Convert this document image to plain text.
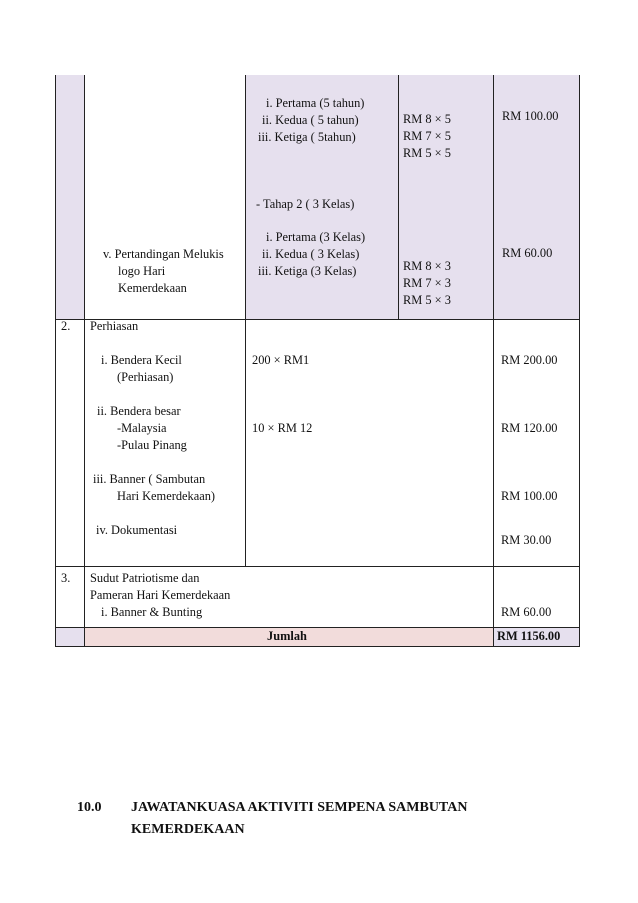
i. Pertama (5 tahun)
ii. Kedua ( 5 tahun)
iii. Ketiga ( 5tahun)
RM 8 × 5
RM 7 × 5
RM 5 × 5
RM 100.00
- Tahap 2 ( 3 Kelas)
i. Pertama (3 Kelas)
ii. Kedua ( 3 Kelas)
iii. Ketiga (3 Kelas)
v. Pertandingan Melukis
logo Hari
Kemerdekaan
RM 8 × 3
RM 7 × 3
RM 5 × 3
RM 60.00
2. Perhiasan
i. Bendera Kecil
(Perhiasan)
ii. Bendera besar
-Malaysia
-Pulau Pinang
iii. Banner ( Sambutan
Hari Kemerdekaan)
iv. Dokumentasi
200 × RM1
10 × RM 12
RM 200.00
RM 120.00
RM 100.00
RM 30.00
3. Sudut Patriotisme dan
Pameran Hari Kemerdekaan
i. Banner & Bunting	RM 60.00
Jumlah	RM 1156.00
10.0 JAWATANKUASA AKTIVITI SEMPENA SAMBUTAN
KEMERDEKAAN
